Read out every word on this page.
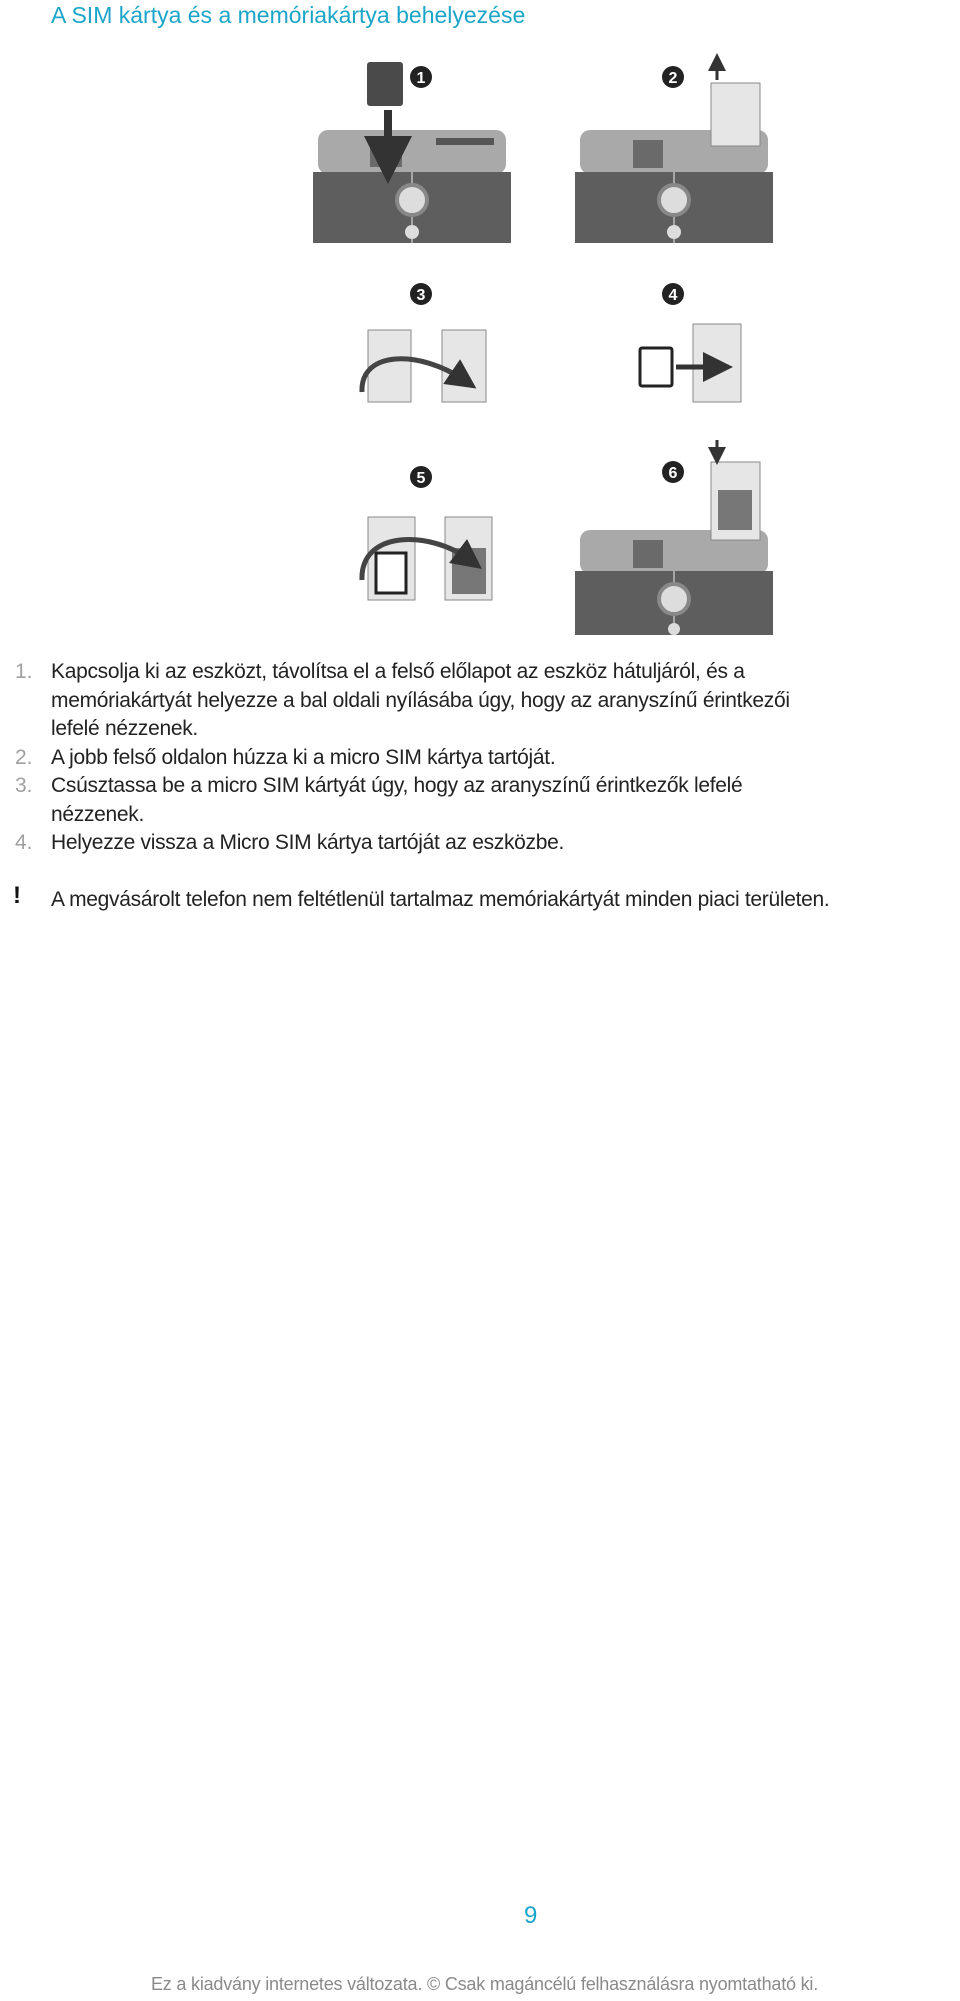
A SIM kártya és a memóriakártya behelyezése
1	2
3	4
5	6
1. Kapcsolja ki az eszközt, távolítsa el a felső előlapot az eszköz hátuljáról, és a
memóriakártyát helyezze a bal oldali nyílásába úgy, hogy az aranyszínű érintkezői
lefelé nézzenek.
2. A jobb felső oldalon húzza ki a micro SIM kártya tartóját.
3. Csúsztassa be a micro SIM kártyát úgy, hogy az aranyszínű érintkezők lefelé
nézzenek.
4. Helyezze vissza a Micro SIM kártya tartóját az eszközbe.
! A megvásárolt telefon nem feltétlenül tartalmaz memóriakártyát minden piaci területen.
9
Ez a kiadvány internetes változata. © Csak magáncélú felhasználásra nyomtatható ki.
